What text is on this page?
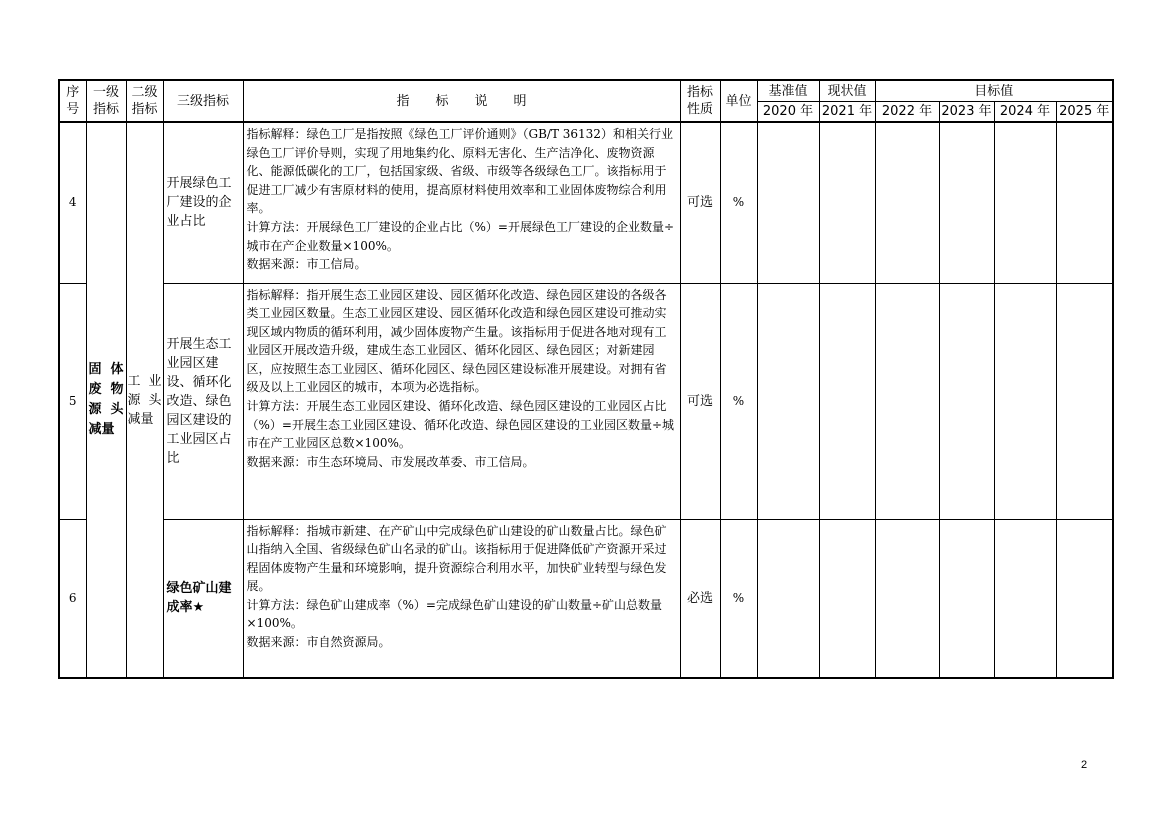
序号	一级指标	二级指标	三级指标	指　　标　　说　　明	指标性质	单位	基准值	现状值	目标值			
							2020 年	2021 年	2022 年	2023 年	2024 年	2025 年
4	固体废物源头减量	工业源头减量	开展绿色工厂建设的企业占比	指标解释：绿色工厂是指按照《绿色工厂评价通则》（GB/T 36132）和相关行业绿色工厂评价导则，实现了用地集约化、原料无害化、生产洁净化、废物资源化、能源低碳化的工厂，包括国家级、省级、市级等各级绿色工厂。该指标用于促进工厂减少有害原材料的使用，提高原材料使用效率和工业固体废物综合利用率。

计算方法：开展绿色工厂建设的企业占比（%）=开展绿色工厂建设的企业数量÷城市在产企业数量×100%。

数据来源：市工信局。	可选	%						
5			开展生态工业园区建设、循环化改造、绿色园区建设的工业园区占比	指标解释：指开展生态工业园区建设、园区循环化改造、绿色园区建设的各级各类工业园区数量。生态工业园区建设、园区循环化改造和绿色园区建设可推动实现区域内物质的循环利用，减少固体废物产生量。该指标用于促进各地对现有工业园区开展改造升级，建成生态工业园区、循环化园区、绿色园区；对新建园区，应按照生态工业园区、循环化园区、绿色园区建设标准开展建设。对拥有省级及以上工业园区的城市，本项为必选指标。

计算方法：开展生态工业园区建设、循环化改造、绿色园区建设的工业园区占比（%）=开展生态工业园区建设、循环化改造、绿色园区建设的工业园区数量÷城市在产工业园区总数×100%。

数据来源：市生态环境局、市发展改革委、市工信局。	可选	%						
6			绿色矿山建成率★	指标解释：指城市新建、在产矿山中完成绿色矿山建设的矿山数量占比。绿色矿山指纳入全国、省级绿色矿山名录的矿山。该指标用于促进降低矿产资源开采过程固体废物产生量和环境影响，提升资源综合利用水平，加快矿业转型与绿色发展。

计算方法：绿色矿山建成率（%）=完成绿色矿山建设的矿山数量÷矿山总数量×100%。

数据来源：市自然资源局。	必选	%						
2
